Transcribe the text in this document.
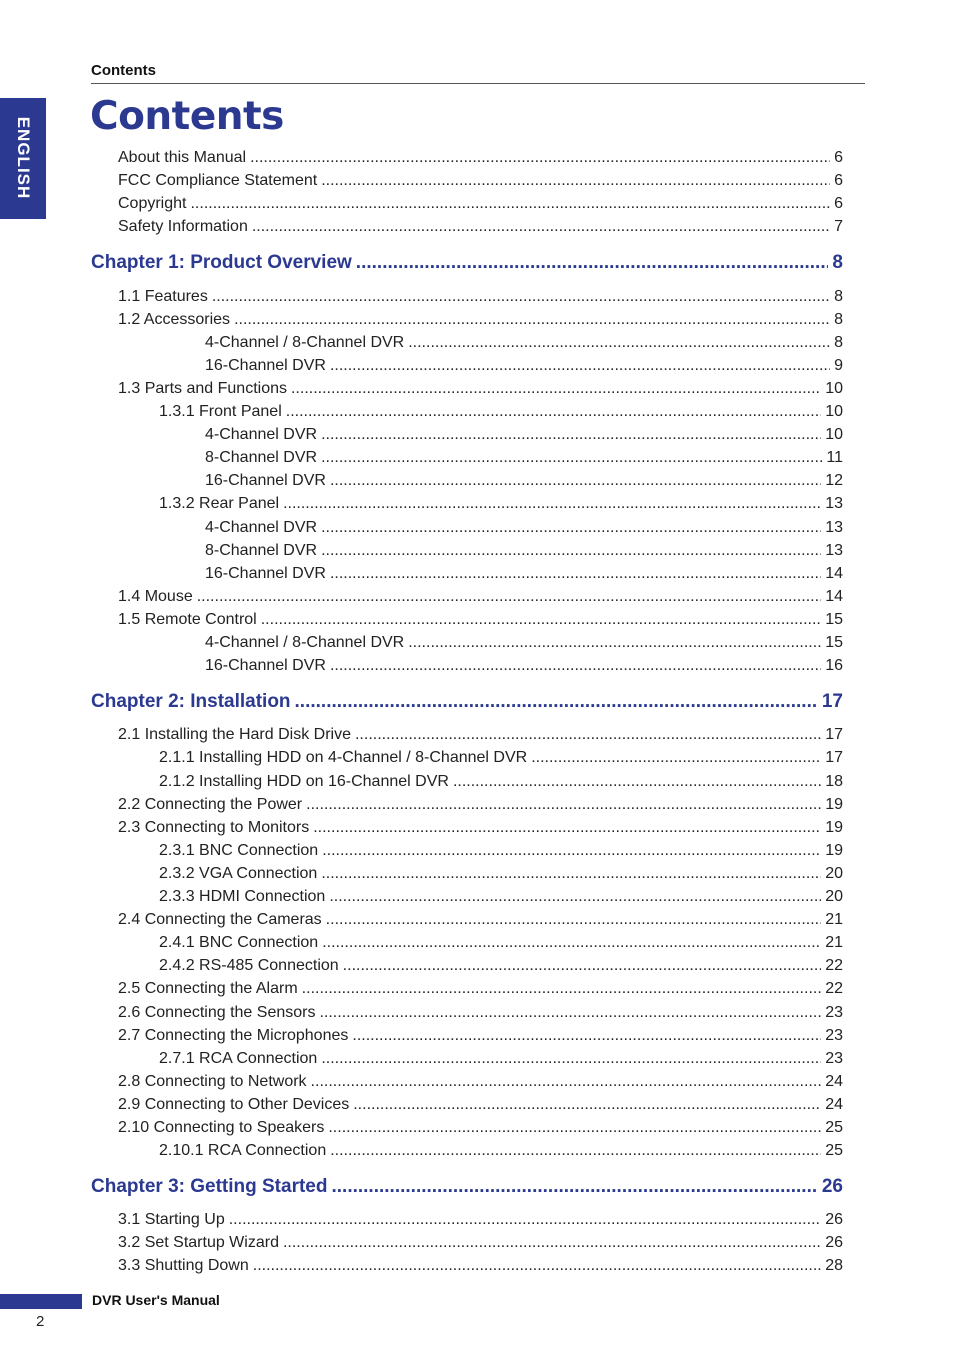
Contents
ENGLISH
Contents
About this Manual .....	6
FCC Compliance Statement .....	6
Copyright .....	6
Safety Information .....	7
Chapter 1: Product Overview .....	8
1.1 Features .....	8
1.2 Accessories .....	8
4-Channel / 8-Channel DVR .....	8
16-Channel DVR .....	9
1.3 Parts and Functions .....	10
1.3.1 Front Panel .....	10
4-Channel DVR .....	10
8-Channel DVR .....	11
16-Channel DVR .....	12
1.3.2 Rear Panel .....	13
4-Channel DVR .....	13
8-Channel DVR .....	13
16-Channel DVR .....	14
1.4 Mouse .....	14
1.5 Remote Control .....	15
4-Channel / 8-Channel DVR .....	15
16-Channel DVR .....	16
Chapter 2: Installation .....	17
2.1 Installing the Hard Disk Drive .....	17
2.1.1 Installing HDD on 4-Channel / 8-Channel DVR .....	17
2.1.2 Installing HDD on 16-Channel DVR .....	18
2.2 Connecting the Power .....	19
2.3 Connecting to Monitors .....	19
2.3.1 BNC Connection .....	19
2.3.2 VGA Connection .....	20
2.3.3 HDMI Connection .....	20
2.4 Connecting the Cameras .....	21
2.4.1 BNC Connection .....	21
2.4.2 RS-485 Connection .....	22
2.5 Connecting the Alarm .....	22
2.6 Connecting the Sensors .....	23
2.7 Connecting the Microphones .....	23
2.7.1 RCA Connection .....	23
2.8 Connecting to Network .....	24
2.9 Connecting to Other Devices .....	24
2.10 Connecting to Speakers .....	25
2.10.1 RCA Connection .....	25
Chapter 3: Getting Started .....	26
3.1 Starting Up .....	26
3.2 Set Startup Wizard .....	26
3.3 Shutting Down .....	28
DVR User's Manual
2
